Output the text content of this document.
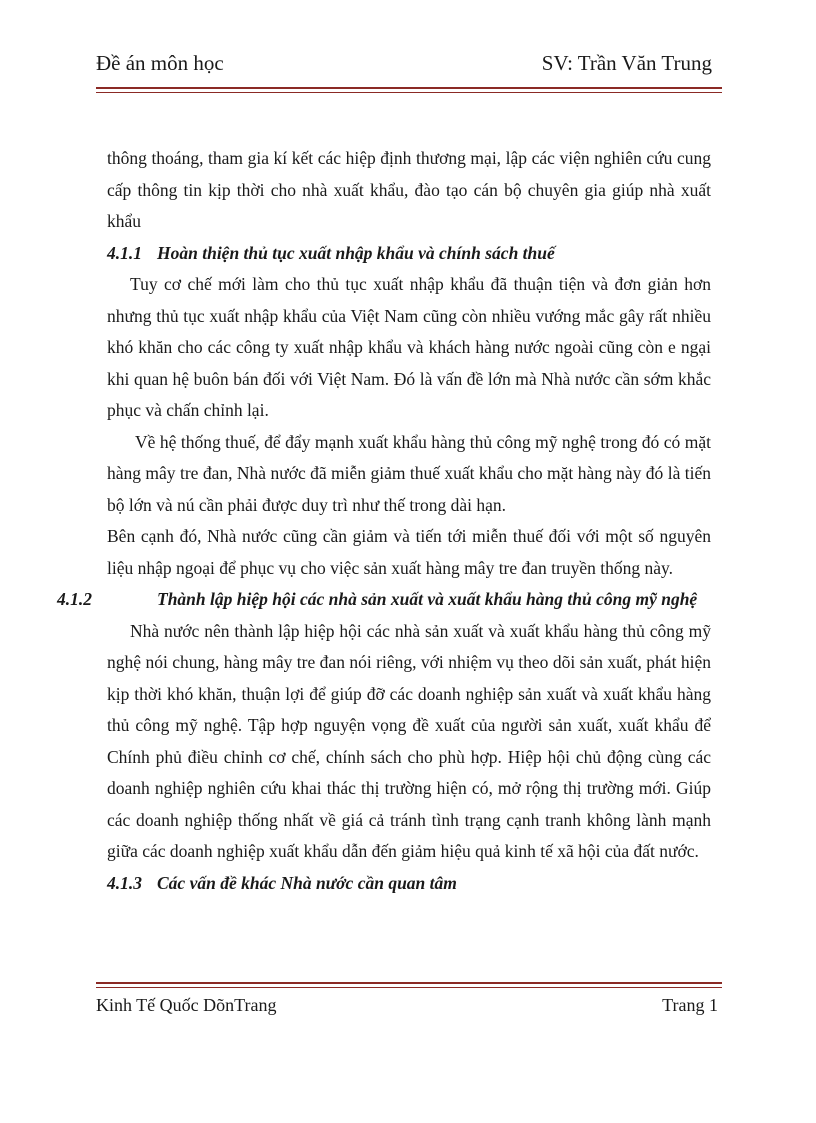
Đề án môn học	SV: Trần Văn Trung

thông thoáng, tham gia kí kết các hiệp định thương mại, lập các viện nghiên cứu cung cấp thông tin kịp thời cho nhà xuất khẩu, đào tạo cán bộ chuyên gia giúp nhà xuất khẩu

4.1.1 Hoàn thiện thủ tục xuất nhập khẩu và chính sách thuế

Tuy cơ chế mới làm cho thủ tục xuất nhập khẩu đã thuận tiện và đơn giản hơn nhưng thủ tục xuất nhập khẩu của Việt Nam cũng còn nhiều vướng mắc gây rất nhiều khó khăn cho các công ty xuất nhập khẩu và khách hàng nước ngoài cũng còn e ngại khi quan hệ buôn bán đối với Việt Nam. Đó là vấn đề lớn mà Nhà nước cần sớm khắc phục và chấn chỉnh lại.

Về hệ thống thuế, để đẩy mạnh xuất khẩu hàng thủ công mỹ nghệ trong đó có mặt hàng mây tre đan, Nhà nước đã miễn giảm thuế xuất khẩu cho mặt hàng này đó là tiến bộ lớn và nú cần phải được duy trì như thế trong dài hạn.

Bên cạnh đó, Nhà nước cũng cần giảm và tiến tới miễn thuế đối với một số nguyên liệu nhập ngoại để phục vụ cho việc sản xuất hàng mây tre đan truyền thống này.

4.1.2	Thành lập hiệp hội các nhà sản xuất và xuất khẩu hàng thủ công mỹ nghệ

Nhà nước nên thành lập hiệp hội các nhà sản xuất và xuất khẩu hàng thủ công mỹ nghệ nói chung, hàng mây tre đan nói riêng, với nhiệm vụ theo dõi sản xuất, phát hiện kịp thời khó khăn, thuận lợi để giúp đỡ các doanh nghiệp sản xuất và xuất khẩu hàng thủ công mỹ nghệ. Tập hợp nguyện vọng đề xuất của người sản xuất, xuất khẩu để Chính phủ điều chỉnh cơ chế, chính sách cho phù hợp. Hiệp hội chủ động cùng các doanh nghiệp nghiên cứu khai thác thị trường hiện có, mở rộng thị trường mới. Giúp các doanh nghiệp thống nhất về giá cả tránh tình trạng cạnh tranh không lành mạnh giữa các doanh nghiệp xuất khẩu dẫn đến giảm hiệu quả kinh tế xã hội của đất nước.

4.1.3 Các vấn đề khác Nhà nước cần quan tâm
Kinh Tế Quốc DõnTrang	Trang 1
